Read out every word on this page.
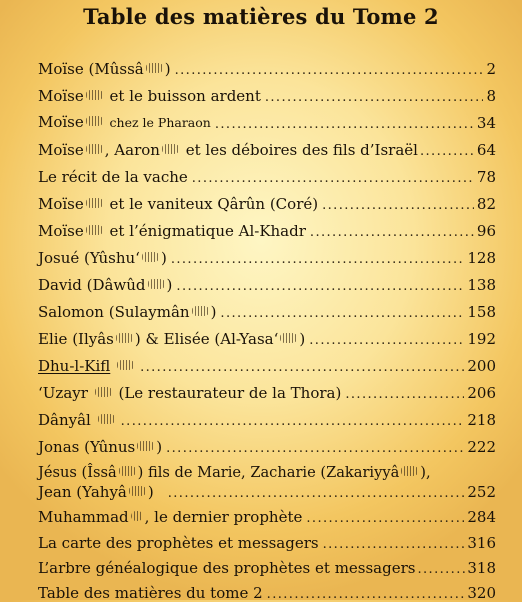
Table des matières du Tome 2
Moïse (Mûssâ ) .....	2
Moïse et le buisson ardent .....	8
Moïse chez le Pharaon .....	34
Moïse , Aaron et les déboires des fils d’Israël .....	64
Le récit de la vache .....	78
Moïse et le vaniteux Qârûn (Coré) .....	82
Moïse et l’énigmatique Al-Khadr .....	96
Josué (Yûshu‘ ) .....	128
David (Dâwûd ) .....	138
Salomon (Sulaymân ) .....	158
Elie (Ilyâs ) & Elisée (Al-Yasa‘ ) .....	192
Dhu-l-Kifl .....	200
‘Uzayr (Le restaurateur de la Thora) .....	206
Dânyâl .....	218
Jonas (Yûnus ) .....	222
Jésus (Îssâ ) fils de Marie, Zacharie (Zakariyyâ ),
Jean (Yahyâ ) .....	252
Muhammad , le dernier prophète .....	284
La carte des prophètes et messagers .....	316
L’arbre généalogique des prophètes et messagers .....	318
Table des matières du tome 2 .....	320
